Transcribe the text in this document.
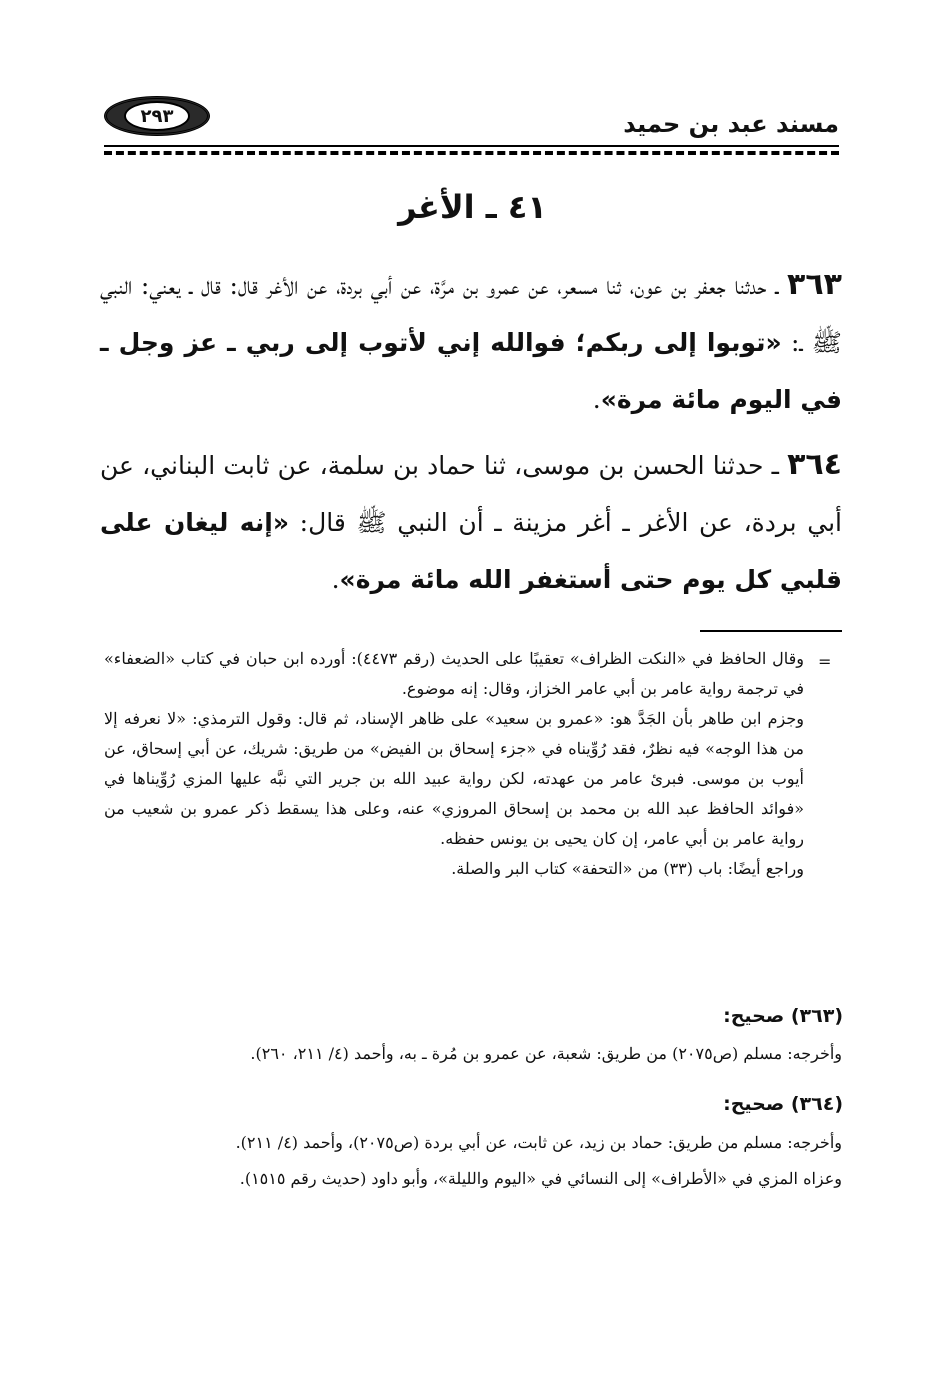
مسند عبد بن حميد
٢٩٣
٤١ ـ الأغر
٣٦٣ ـ حدثنا جعفر بن عون، ثنا مسعر، عن عمرو بن مرَّة، عن أبي بردة، عن الأغر قال: قال ـ يعني: النبي ﷺ ـ: «توبوا إلى ربكم؛ فوالله إني لأتوب إلى ربي ـ عز وجل ـ في اليوم مائة مرة».
٣٦٤ ـ حدثنا الحسن بن موسى، ثنا حماد بن سلمة، عن ثابت البناني، عن أبي بردة، عن الأغر ـ أغر مزينة ـ أن النبي ﷺ قال: «إنه ليغان على قلبي كل يوم حتى أستغفر الله مائة مرة».
=

وقال الحافظ في «النكت الظراف» تعقيبًا على الحديث (رقم ٤٤٧٣): أورده ابن حبان في كتاب «الضعفاء» في ترجمة رواية عامر بن أبي عامر الخزاز، وقال: إنه موضوع.

وجزم ابن طاهر بأن الجَدَّ هو: «عمرو بن سعيد» على ظاهر الإسناد، ثم قال: وقول الترمذي: «لا نعرفه إلا من هذا الوجه» فيه نظرٌ، فقد رُوِّيناه في «جزء إسحاق بن الفيض» من طريق: شريك، عن أبي إسحاق، عن أيوب بن موسى. فبرئ عامر من عهدته، لكن رواية عبيد الله بن جرير التي نبَّه عليها المزي رُوِّيناها في «فوائد الحافظ عبد الله بن محمد بن إسحاق المروزي» عنه، وعلى هذا يسقط ذكر عمرو بن شعيب من رواية عامر بن أبي عامر، إن كان يحيى بن يونس حفظه.

وراجع أيضًا: باب (٣٣) من «التحفة» كتاب البر والصلة.

(٣٦٣) صحيح:

وأخرجه: مسلم (ص٢٠٧٥) من طريق: شعبة، عن عمرو بن مُرة ـ به، وأحمد (٤/ ٢١١، ٢٦٠).

(٣٦٤) صحيح:

وأخرجه: مسلم من طريق: حماد بن زيد، عن ثابت، عن أبي بردة (ص٢٠٧٥)، وأحمد (٤/ ٢١١).

وعزاه المزي في «الأطراف» إلى النسائي في «اليوم والليلة»، وأبو داود (حديث رقم ١٥١٥).
